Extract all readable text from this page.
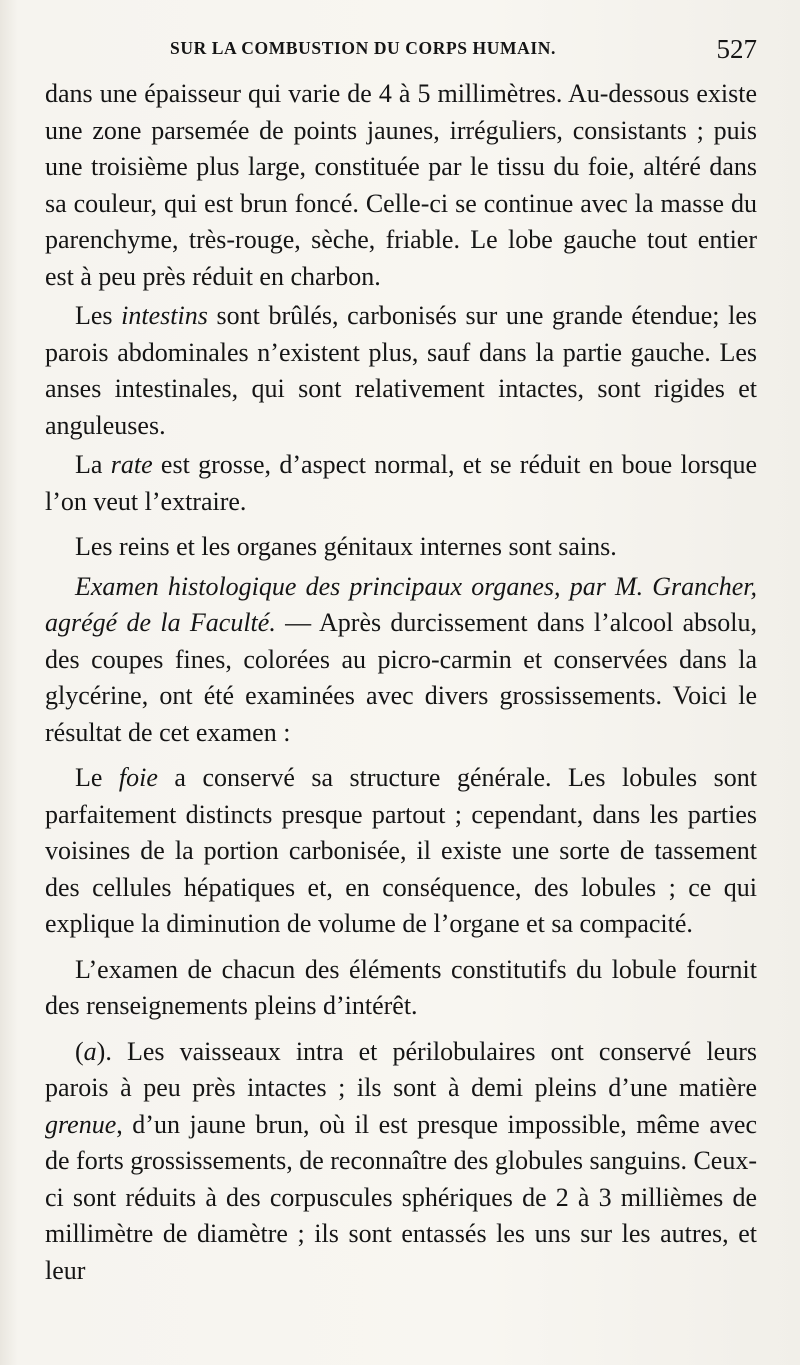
SUR LA COMBUSTION DU CORPS HUMAIN.	527

dans une épaisseur qui varie de 4 à 5 millimètres. Au-dessous existe une zone parsemée de points jaunes, irréguliers, consistants ; puis une troisième plus large, constituée par le tissu du foie, altéré dans sa couleur, qui est brun foncé. Celle-ci se continue avec la masse du parenchyme, très-rouge, sèche, friable. Le lobe gauche tout entier est à peu près réduit en charbon.

Les intestins sont brûlés, carbonisés sur une grande étendue; les parois abdominales n’existent plus, sauf dans la partie gauche. Les anses intestinales, qui sont relativement intactes, sont rigides et anguleuses.

La rate est grosse, d’aspect normal, et se réduit en boue lorsque l’on veut l’extraire.

Les reins et les organes génitaux internes sont sains.

Examen histologique des principaux organes, par M. Grancher, agrégé de la Faculté. — Après durcissement dans l’alcool absolu, des coupes fines, colorées au picro-carmin et conservées dans la glycérine, ont été examinées avec divers grossissements. Voici le résultat de cet examen :

Le foie a conservé sa structure générale. Les lobules sont parfaitement distincts presque partout ; cependant, dans les parties voisines de la portion carbonisée, il existe une sorte de tassement des cellules hépatiques et, en conséquence, des lobules ; ce qui explique la diminution de volume de l’organe et sa compacité.

L’examen de chacun des éléments constitutifs du lobule fournit des renseignements pleins d’intérêt.

(a). Les vaisseaux intra et périlobulaires ont conservé leurs parois à peu près intactes ; ils sont à demi pleins d’une matière grenue, d’un jaune brun, où il est presque impossible, même avec de forts grossissements, de reconnaître des globules sanguins. Ceux-ci sont réduits à des corpuscules sphériques de 2 à 3 millièmes de millimètre de diamètre ; ils sont entassés les uns sur les autres, et leur
